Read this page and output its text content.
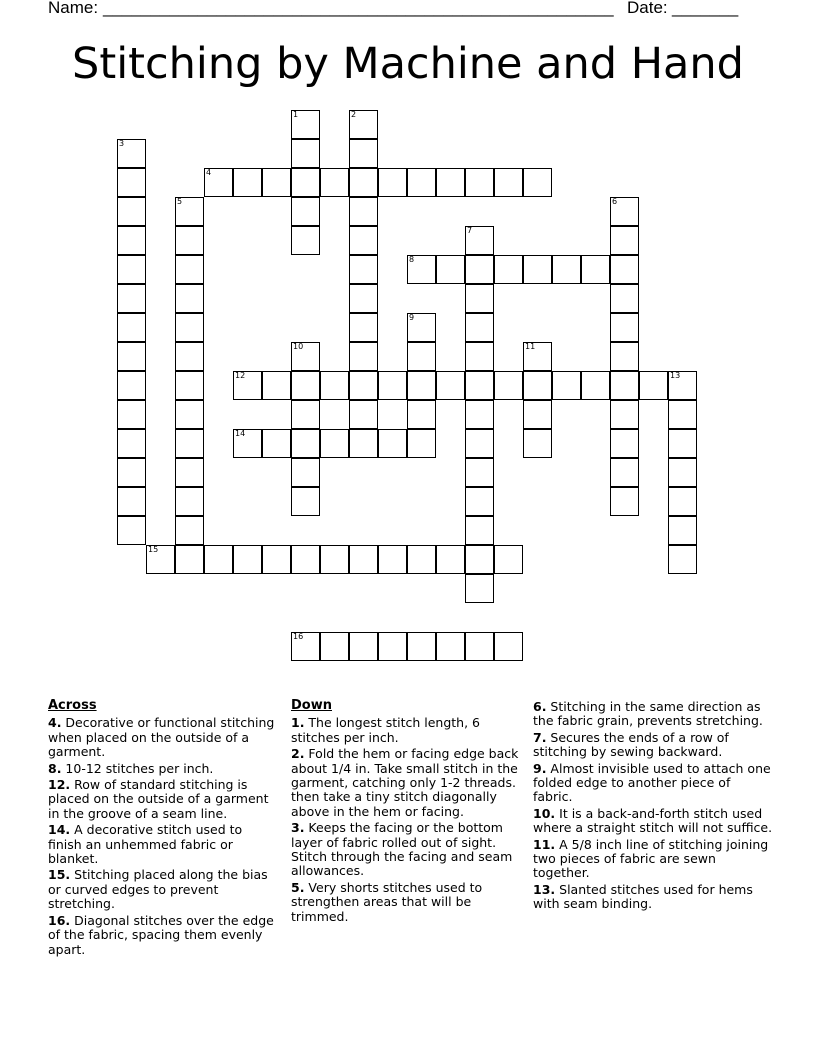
Name: ______________________________________________________ Date: _______
Stitching by Machine and Hand
1	2
3
4
5	6
7
8
9
10	11
12	13
14
15
16
Across
4. Decorative or functional stitching when placed on the outside of a garment.
8. 10-12 stitches per inch.
12. Row of standard stitching is placed on the outside of a garment in the groove of a seam line.
14. A decorative stitch used to finish an unhemmed fabric or blanket.
15. Stitching placed along the bias or curved edges to prevent stretching.
16. Diagonal stitches over the edge of the fabric, spacing them evenly apart.
Down
1. The longest stitch length, 6 stitches per inch.
2. Fold the hem or facing edge back about 1/4 in. Take small stitch in the garment, catching only 1-2 threads. then take a tiny stitch diagonally above in the hem or facing.
3. Keeps the facing or the bottom layer of fabric rolled out of sight. Stitch through the facing and seam allowances.
5. Very shorts stitches used to strengthen areas that will be trimmed.
6. Stitching in the same direction as the fabric grain, prevents stretching.
7. Secures the ends of a row of stitching by sewing backward.
9. Almost invisible used to attach one folded edge to another piece of fabric.
10. It is a back-and-forth stitch used where a straight stitch will not suffice.
11. A 5/8 inch line of stitching joining two pieces of fabric are sewn together.
13. Slanted stitches used for hems with seam binding.
